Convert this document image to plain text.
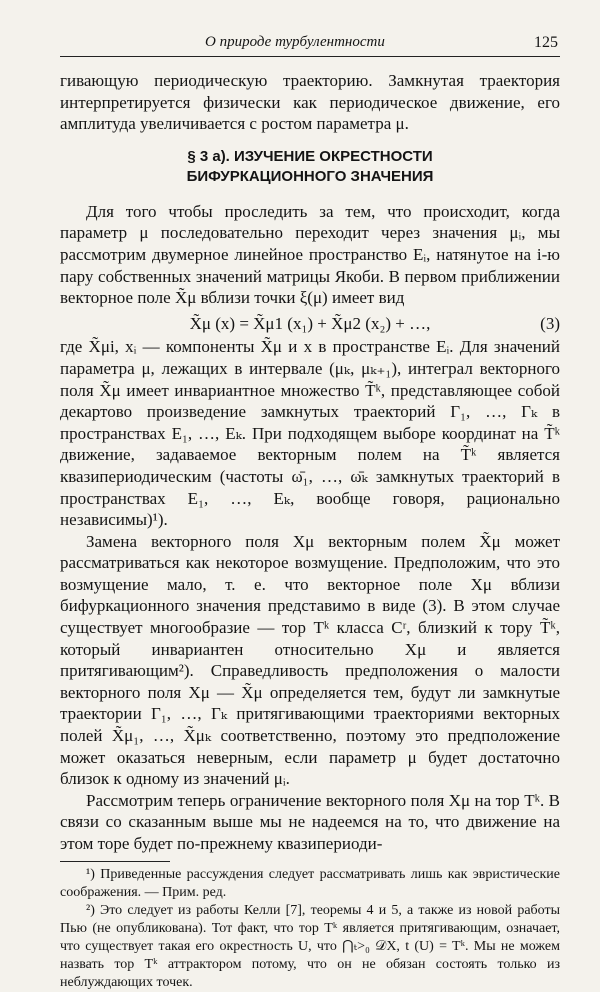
О природе турбулентности	125

гивающую периодическую траекторию. Замкнутая траектория интерпретируется физически как периодическое движение, его амплитуда увеличивается с ростом параметра μ.

§ 3 а). ИЗУЧЕНИЕ ОКРЕСТНОСТИ
БИФУРКАЦИОННОГО ЗНАЧЕНИЯ

Для того чтобы проследить за тем, что происходит, когда параметр μ последовательно переходит через значения μᵢ, мы рассмотрим двумерное линейное пространство Eᵢ, натянутое на i-ю пару собственных значений матрицы Якоби. В первом приближении векторное поле X̃μ вблизи точки ξ(μ) имеет вид

X̃μ (x) = X̃μ1 (x₁) + X̃μ2 (x₂) + …,	(3)

где X̃μi, xᵢ — компоненты X̃μ и x в пространстве Eᵢ. Для значений параметра μ, лежащих в интервале (μₖ, μₖ₊₁), интеграл векторного поля X̃μ имеет инвариантное множество T̃ᵏ, представляющее собой декартово произведение замкнутых траекторий Γ₁, …, Γₖ в пространствах E₁, …, Eₖ. При подходящем выборе координат на T̃ᵏ движение, задаваемое векторным полем на T̃ᵏ является квазипериодическим (частоты ω̄₁, …, ω̄ₖ замкнутых траекторий в пространствах E₁, …, Eₖ, вообще говоря, рационально независимы)¹).

Замена векторного поля Xμ векторным полем X̃μ может рассматриваться как некоторое возмущение. Предположим, что это возмущение мало, т. е. что векторное поле Xμ вблизи бифуркационного значения представимо в виде (3). В этом случае существует многообразие — тор Tᵏ класса Cʳ, близкий к тору T̃ᵏ, который инвариантен относительно Xμ и является притягивающим²). Справедливость предположения о малости векторного поля Xμ — X̃μ определяется тем, будут ли замкнутые траектории Γ₁, …, Γₖ притягивающими траекториями векторных полей X̃μ₁, …, X̃μₖ соответственно, поэтому это предположение может оказаться неверным, если параметр μ будет достаточно близок к одному из значений μᵢ.

Рассмотрим теперь ограничение векторного поля Xμ на тор Tᵏ. В связи со сказанным выше мы не надеемся на то, что движение на этом торе будет по-прежнему квазипериоди-

¹) Приведенные рассуждения следует рассматривать лишь как эвристические соображения. — Прим. ред.

²) Это следует из работы Келли [7], теоремы 4 и 5, а также из новой работы Пью (не опубликована). Тот факт, что тор Tᵏ является притягивающим, означает, что существует такая его окрестность U, что ⋂ₜ>₀ 𝒟X, t (U) = Tᵏ. Мы не можем назвать тор Tᵏ аттрактором потому, что он не обязан состоять только из неблуждающих точек.
